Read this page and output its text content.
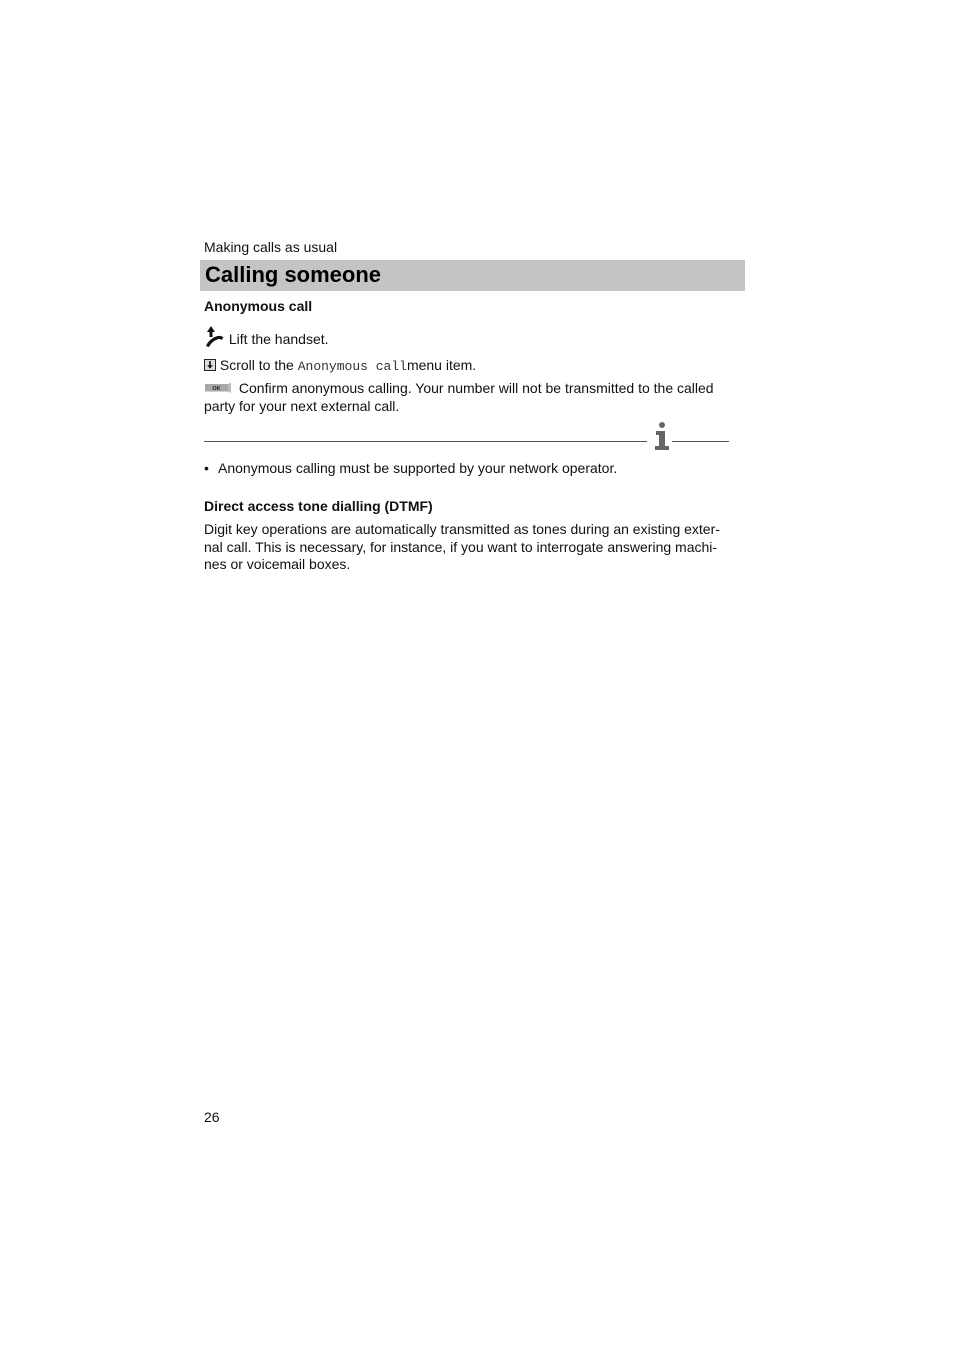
Making calls as usual
Calling someone
Anonymous call
Lift the handset.
Scroll to the Anonymous callmenu item.
OK Confirm anonymous calling. Your number will not be transmitted to the called party for your next external call.
• Anonymous calling must be supported by your network operator.
Direct access tone dialling (DTMF)
Digit key operations are automatically transmitted as tones during an existing exter-
nal call. This is necessary, for instance, if you want to interrogate answering machi-
nes or voicemail boxes.
26
